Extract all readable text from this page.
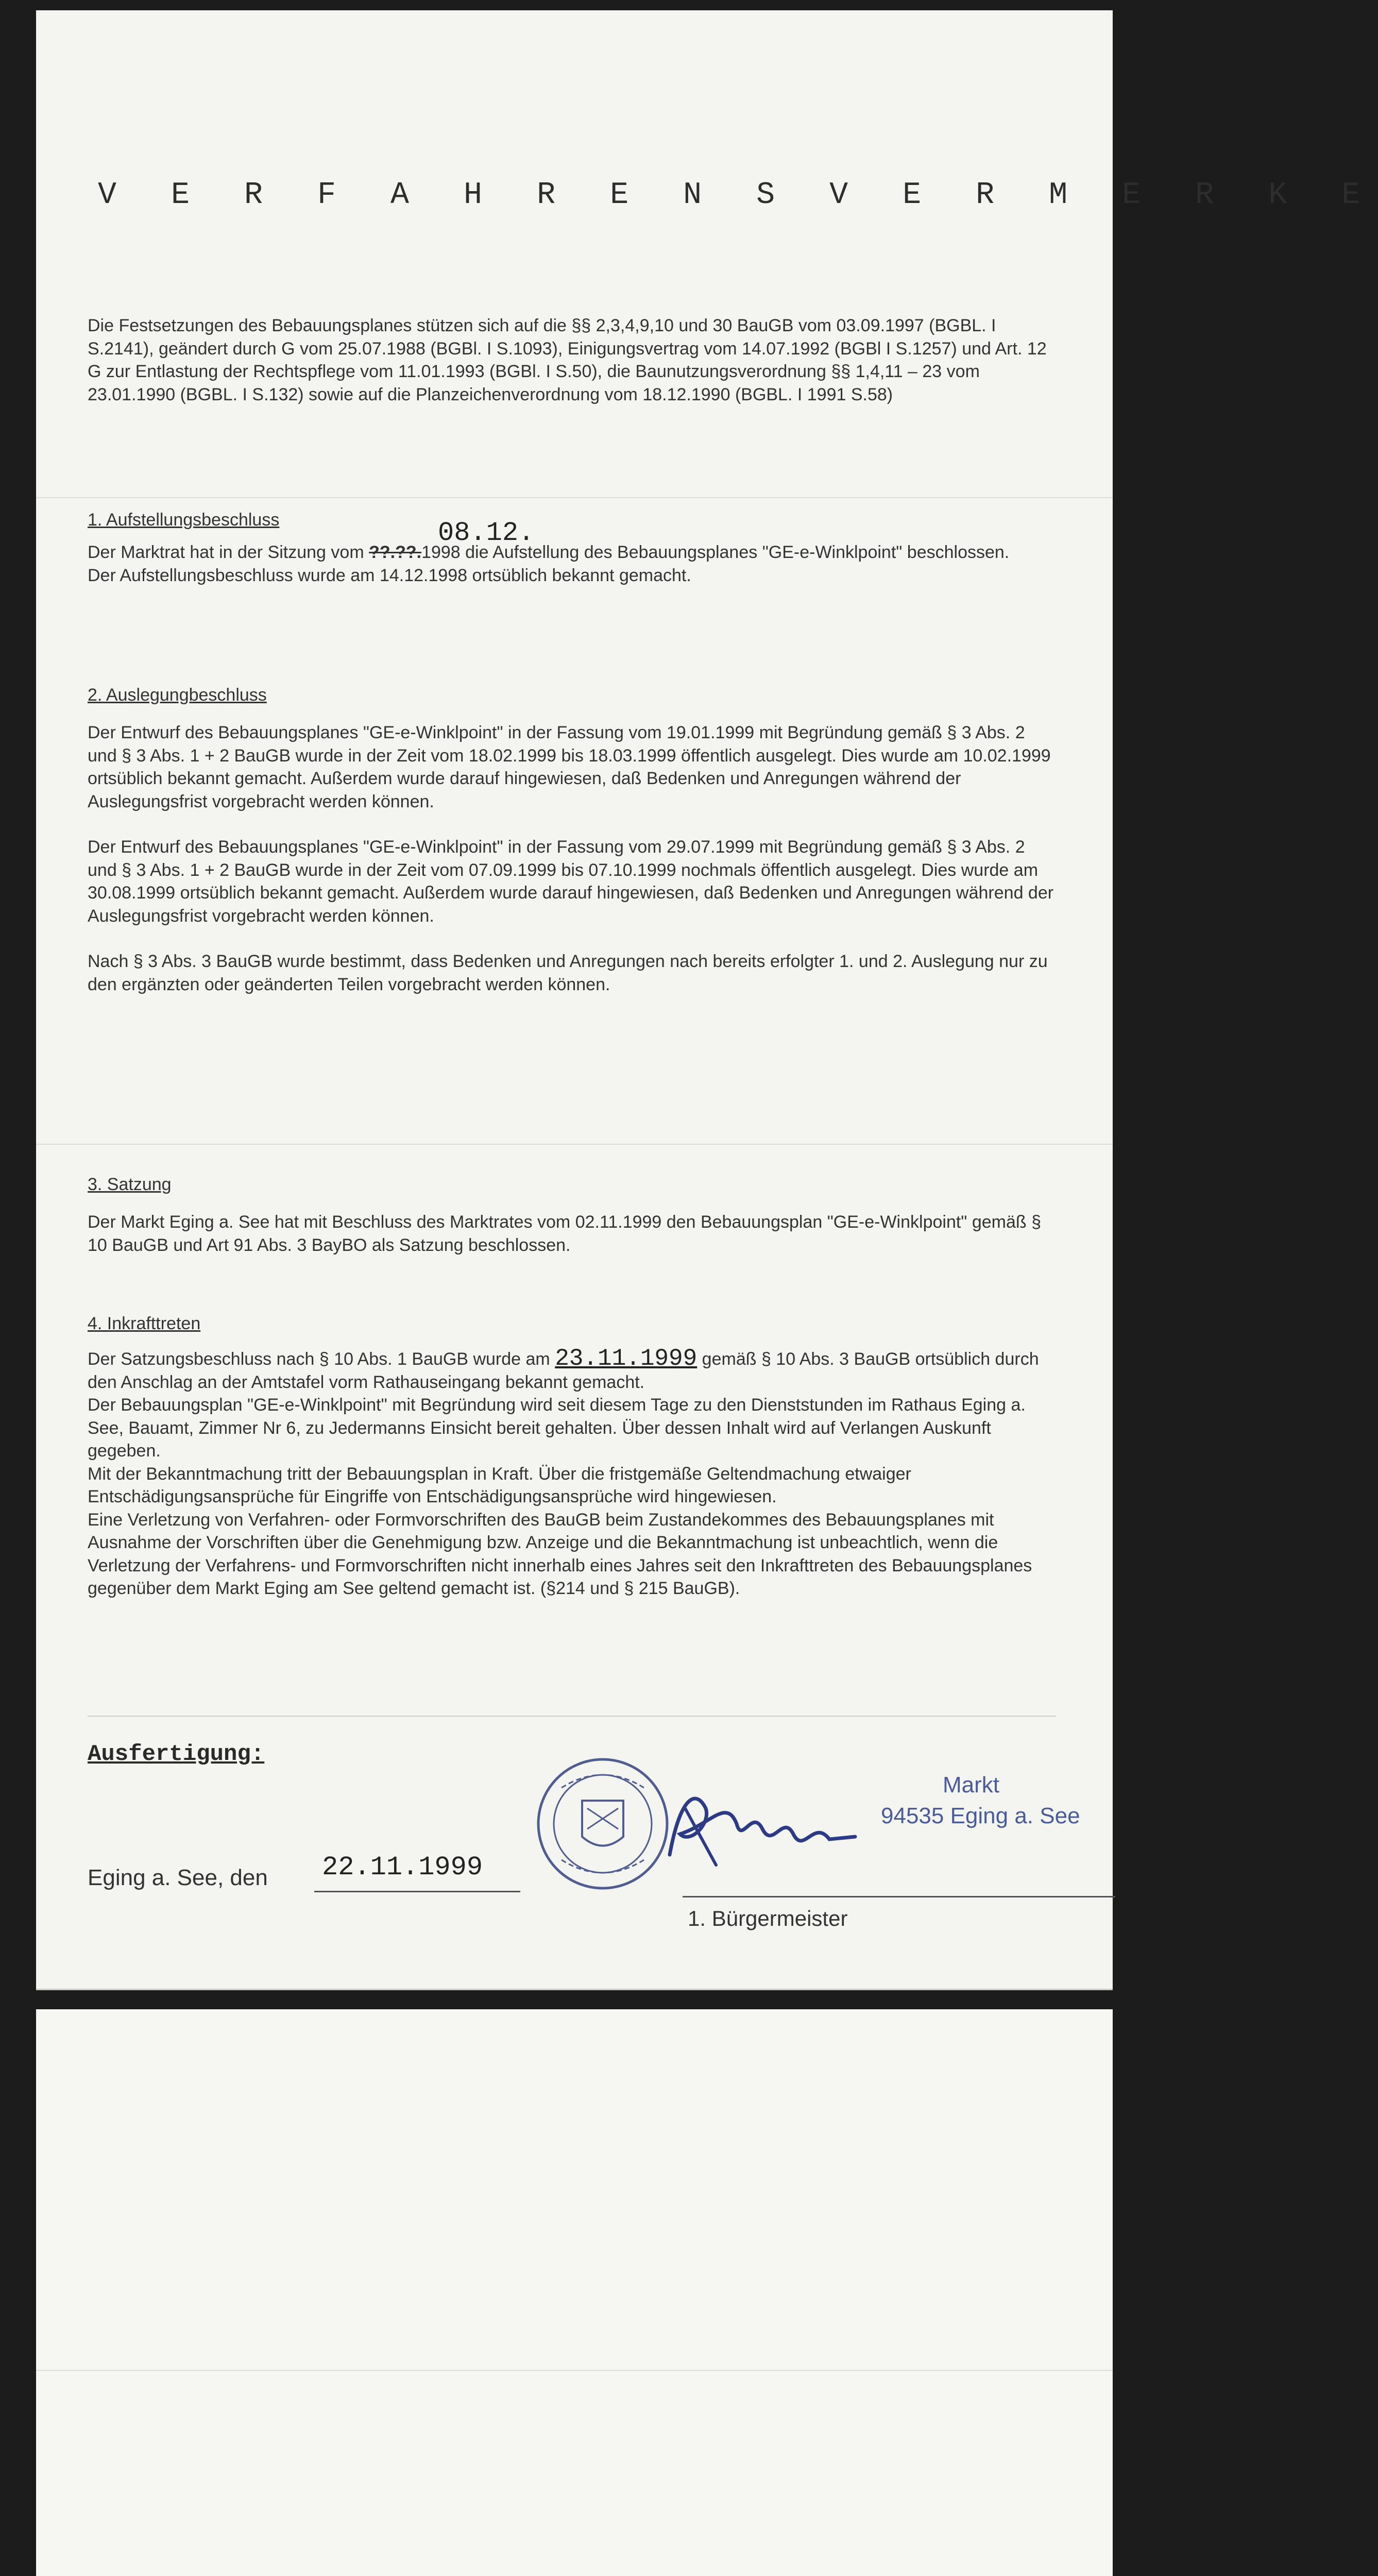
V E R F A H R E N S V E R M E R K E

Die Festsetzungen des Bebauungsplanes stützen sich auf die §§ 2,3,4,9,10 und 30 BauGB vom 03.09.1997 (BGBL. I S.2141), geändert durch G vom 25.07.1988 (BGBl. I S.1093), Einigungsvertrag vom 14.07.1992 (BGBl I S.1257) und Art. 12 G zur Entlastung der Rechtspflege vom 11.01.1993 (BGBl. I S.50), die Baunutzungsverordnung §§ 1,4,11 – 23 vom 23.01.1990 (BGBL. I S.132) sowie auf die Planzeichenverordnung vom 18.12.1990 (BGBL. I 1991 S.58)

1. Aufstellungsbeschluss	08.12.

Der Marktrat hat in der Sitzung vom ??.??.1998 die Aufstellung des Bebauungsplanes "GE-e-Winklpoint" beschlossen.

Der Aufstellungsbeschluss wurde am 14.12.1998 ortsüblich bekannt gemacht.

2. Auslegungbeschluss

Der Entwurf des Bebauungsplanes "GE-e-Winklpoint" in der Fassung vom 19.01.1999 mit Begründung gemäß § 3 Abs. 2 und § 3 Abs. 1 + 2 BauGB wurde in der Zeit vom 18.02.1999 bis 18.03.1999 öffentlich ausgelegt. Dies wurde am 10.02.1999 ortsüblich bekannt gemacht. Außerdem wurde darauf hingewiesen, daß Bedenken und Anregungen während der Auslegungsfrist vorgebracht werden können.

Der Entwurf des Bebauungsplanes "GE-e-Winklpoint" in der Fassung vom 29.07.1999 mit Begründung gemäß § 3 Abs. 2 und § 3 Abs. 1 + 2 BauGB wurde in der Zeit vom 07.09.1999 bis 07.10.1999 nochmals öffentlich ausgelegt. Dies wurde am 30.08.1999 ortsüblich bekannt gemacht. Außerdem wurde darauf hingewiesen, daß Bedenken und Anregungen während der Auslegungsfrist vorgebracht werden können.

Nach § 3 Abs. 3 BauGB wurde bestimmt, dass Bedenken und Anregungen nach bereits erfolgter 1. und 2. Auslegung nur zu den ergänzten oder geänderten Teilen vorgebracht werden können.

3. Satzung

Der Markt Eging a. See hat mit Beschluss des Marktrates vom 02.11.1999 den Bebauungsplan "GE-e-Winklpoint" gemäß § 10 BauGB und Art 91 Abs. 3 BayBO als Satzung beschlossen.

4. Inkrafttreten

Der Satzungsbeschluss nach § 10 Abs. 1 BauGB wurde am 23.11.1999 gemäß § 10 Abs. 3 BauGB ortsüblich durch den Anschlag an der Amtstafel vorm Rathauseingang bekannt gemacht.

Der Bebauungsplan "GE-e-Winklpoint" mit Begründung wird seit diesem Tage zu den Dienststunden im Rathaus Eging a. See, Bauamt, Zimmer Nr 6, zu Jedermanns Einsicht bereit gehalten. Über dessen Inhalt wird auf Verlangen Auskunft gegeben.

Mit der Bekanntmachung tritt der Bebauungsplan in Kraft. Über die fristgemäße Geltendmachung etwaiger Entschädigungsansprüche für Eingriffe von Entschädigungsansprüche wird hingewiesen.

Eine Verletzung von Verfahren- oder Formvorschriften des BauGB beim Zustandekommes des Bebauungsplanes mit Ausnahme der Vorschriften über die Genehmigung bzw. Anzeige und die Bekanntmachung ist unbeachtlich, wenn die Verletzung der Verfahrens- und Formvorschriften nicht innerhalb eines Jahres seit den Inkrafttreten des Bebauungsplanes gegenüber dem Markt Eging am See geltend gemacht ist. (§214 und § 215 BauGB).

Ausfertigung:
Eging a. See, den 22.11.1999
Markt
94535 Eging a. See
1. Bürgermeister
